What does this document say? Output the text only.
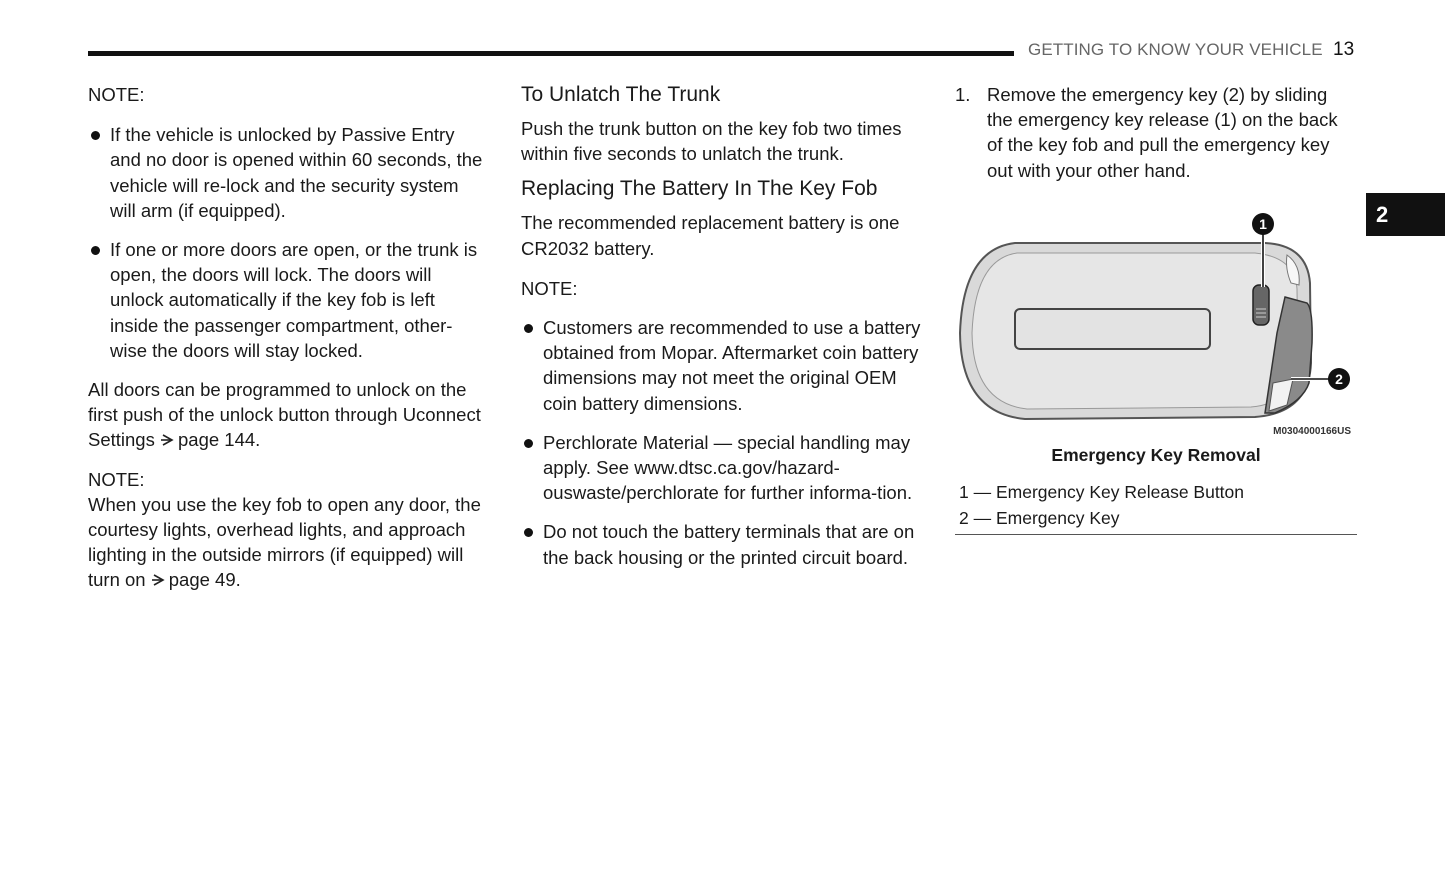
GETTING TO KNOW YOUR VEHICLE 13
2

NOTE:

If the vehicle is unlocked by Passive Entry and no door is opened within 60 seconds, the vehicle will re-lock and the security system will arm (if equipped).
If one or more doors are open, or the trunk is open, the doors will lock. The doors will unlock automatically if the key fob is left inside the passenger compartment, other-wise the doors will stay locked.

All doors can be programmed to unlock on the first push of the unlock button through Uconnect Settings page 144.

NOTE:

When you use the key fob to open any door, the courtesy lights, overhead lights, and approach lighting in the outside mirrors (if equipped) will turn on page 49.

To Unlatch The Trunk

Push the trunk button on the key fob two times within five seconds to unlatch the trunk.

Replacing The Battery In The Key Fob

The recommended replacement battery is one CR2032 battery.

NOTE:

Customers are recommended to use a battery obtained from Mopar. Aftermarket coin battery dimensions may not meet the original OEM coin battery dimensions.
Perchlorate Material — special handling may apply. See www.dtsc.ca.gov/hazard-ouswaste/perchlorate for further informa-tion.
Do not touch the battery terminals that are on the back housing or the printed circuit board.

1. Remove the emergency key (2) by sliding the emergency key release (1) on the back of the key fob and pull the emergency key out with your other hand.

1
2
M0304000166US
Emergency Key Removal
1 — Emergency Key Release Button
2 — Emergency Key
